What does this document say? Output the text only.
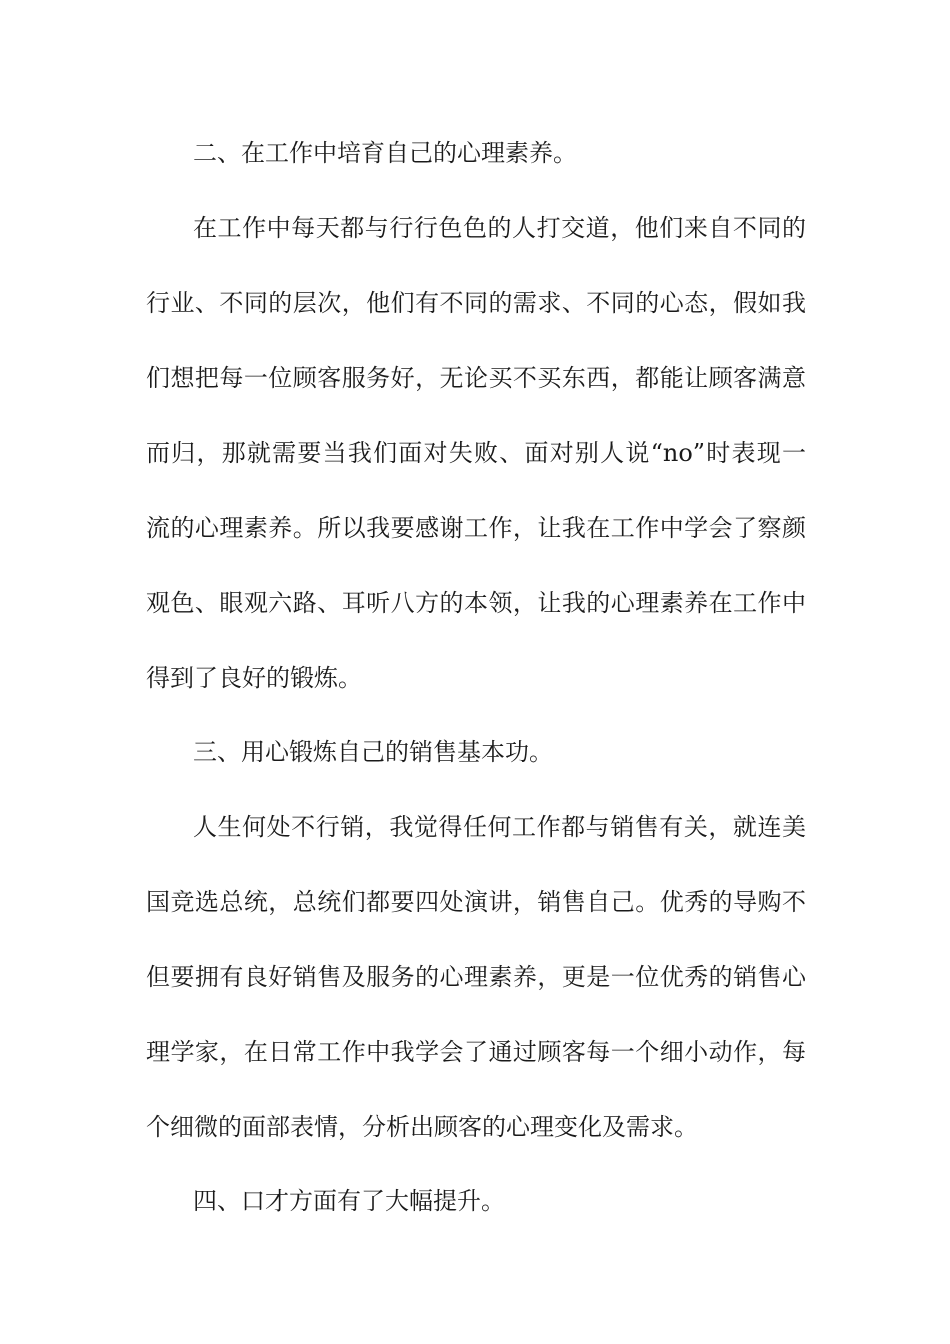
二、在工作中培育自己的心理素养。
在工作中每天都与行行色色的人打交道，他们来自不同的
行业、不同的层次，他们有不同的需求、不同的心态，假如我
们想把每一位顾客服务好，无论买不买东西，都能让顾客满意
而归，那就需要当我们面对失败、面对别人说“no”时表现一
流的心理素养。所以我要感谢工作，让我在工作中学会了察颜
观色、眼观六路、耳听八方的本领，让我的心理素养在工作中
得到了良好的锻炼。
三、用心锻炼自己的销售基本功。
人生何处不行销，我觉得任何工作都与销售有关，就连美
国竞选总统，总统们都要四处演讲，销售自己。优秀的导购不
但要拥有良好销售及服务的心理素养，更是一位优秀的销售心
理学家，在日常工作中我学会了通过顾客每一个细小动作，每
个细微的面部表情，分析出顾客的心理变化及需求。
四、口才方面有了大幅提升。
